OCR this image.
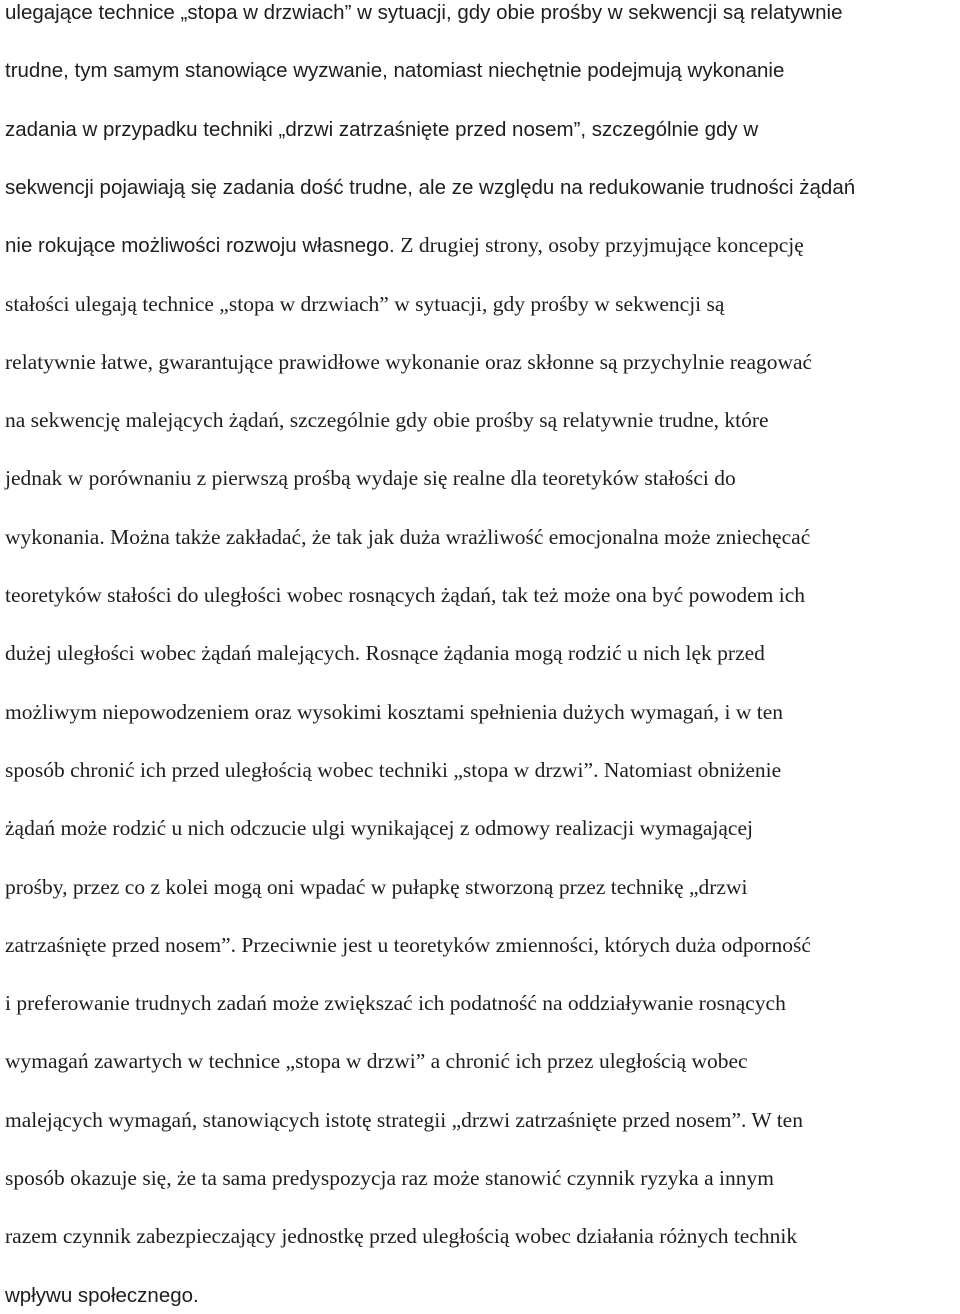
ulegające technice „stopa w drzwiach” w sytuacji, gdy obie prośby w sekwencji są relatywnie
trudne, tym samym stanowiące wyzwanie, natomiast niechętnie podejmują wykonanie
zadania w przypadku techniki „drzwi zatrzaśnięte przed nosem”, szczególnie gdy w
sekwencji pojawiają się zadania dość trudne, ale ze względu na redukowanie trudności żądań
nie rokujące możliwości rozwoju własnego. Z drugiej strony, osoby przyjmujące koncepcję
stałości ulegają technice „stopa w drzwiach” w sytuacji, gdy prośby w sekwencji są
relatywnie łatwe, gwarantujące prawidłowe wykonanie oraz skłonne są przychylnie reagować
na sekwencję malejących żądań, szczególnie gdy obie prośby są relatywnie trudne, które
jednak w porównaniu z pierwszą prośbą wydaje się realne dla teoretyków stałości do
wykonania. Można także zakładać, że tak jak duża wrażliwość emocjonalna może zniechęcać
teoretyków stałości do uległości wobec rosnących żądań, tak też może ona być powodem ich
dużej uległości wobec żądań malejących. Rosnące żądania mogą rodzić u nich lęk przed
możliwym niepowodzeniem oraz wysokimi kosztami spełnienia dużych wymagań, i w ten
sposób chronić ich przed uległością wobec techniki „stopa w drzwi”. Natomiast obniżenie
żądań może rodzić u nich odczucie ulgi wynikającej z odmowy realizacji wymagającej
prośby, przez co z kolei mogą oni wpadać w pułapkę stworzoną przez technikę „drzwi
zatrzaśnięte przed nosem”. Przeciwnie jest u teoretyków zmienności, których duża odporność
i preferowanie trudnych zadań może zwiększać ich podatność na oddziaływanie rosnących
wymagań zawartych w technice „stopa w drzwi” a chronić ich przez uległością wobec
malejących wymagań, stanowiących istotę strategii „drzwi zatrzaśnięte przed nosem”. W ten
sposób okazuje się, że ta sama predyspozycja raz może stanowić czynnik ryzyka a innym
razem czynnik zabezpieczający jednostkę przed uległością wobec działania różnych technik
wpływu społecznego.
